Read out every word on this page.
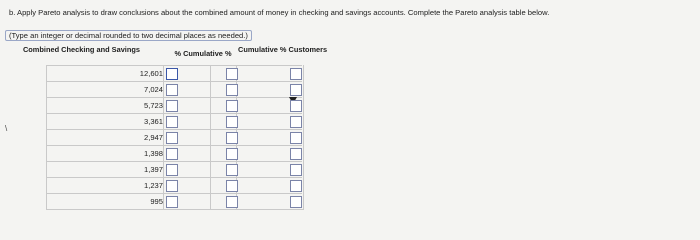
b. Apply Pareto analysis to draw conclusions about the combined amount of money in checking and savings accounts. Complete the Pareto analysis table below.
(Type an integer or decimal rounded to two decimal places as needed.)
\
Combined Checking and Savings	% Cumulative % Cumulative % Customers
12,601
7,024
5,723
3,361
2,947
1,398
1,397
1,237
995
